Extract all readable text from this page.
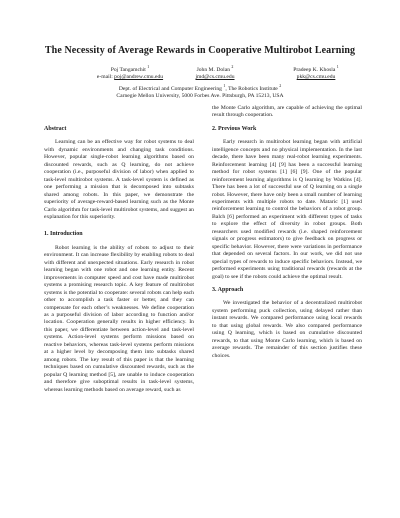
The Necessity of Average Rewards in Cooperative Multirobot Learning
Poj Tangamchit $^1$
e-mail: poj@andrew.cmu.edu
John M. Dolan $^2$
jmd@cs.cmu.edu
Pradeep K. Khosla $^1$
pkk@cs.cmu.edu
Dept. of Electrical and Computer Engineering $^1$, The Robotics Institute $^2$
Carnegie Mellon University, 5000 Forbes Ave. Pittsburgh, PA 15213, USA
Abstract

Learning can be an effective way for robot systems to deal with dynamic environments and changing task conditions. However, popular single-robot learning algorithms based on discounted rewards, such as Q learning, do not achieve cooperation (i.e., purposeful division of labor) when applied to task-level multirobot systems. A task-level system is defined as one performing a mission that is decomposed into subtasks shared among robots. In this paper, we demonstrate the superiority of average-reward-based learning such as the Monte Carlo algorithm for task-level multirobot systems, and suggest an explanation for this superiority.

1. Introduction

Robot learning is the ability of robots to adjust to their environment. It can increase flexibility by enabling robots to deal with different and unexpected situations. Early research in robot learning began with one robot and one learning entity. Recent improvements in computer speed and cost have made multirobot systems a promising research topic. A key feature of multirobot systems is the potential to cooperate: several robots can help each other to accomplish a task faster or better, and they can compensate for each other’s weaknesses. We define cooperation as a purposeful division of labor according to function and/or location. Cooperation generally results in higher efficiency. In this paper, we differentiate between action-level and task-level systems. Action-level systems perform missions based on reactive behaviors, whereas task-level systems perform missions at a higher level by decomposing them into subtasks shared among robots. The key result of this paper is that the learning techniques based on cumulative discounted rewards, such as the popular Q learning method [5], are unable to induce cooperation and therefore give suboptimal results in task-level systems, whereas learning methods based on average reward, such as

the Monte Carlo algorithm, are capable of achieving the optimal result through cooperation.

2. Previous Work

Early research in multirobot learning began with artificial intelligence concepts and no physical implementation. In the last decade, there have been many real-robot learning experiments. Reinforcement learning [4] [9] has been a successful learning method for robot systems [1] [6] [9]. One of the popular reinforcement learning algorithms is Q learning by Watkins [4]. There has been a lot of successful use of Q learning on a single robot. However, there have only been a small number of learning experiments with multiple robots to date. Mataric [1] used reinforcement learning to control the behaviors of a robot group. Balch [6] performed an experiment with different types of tasks to explore the effect of diversity in robot groups. Both researchers used modified rewards (i.e. shaped reinforcement signals or progress estimators) to give feedback on progress or specific behavior. However, there were variations in performance that depended on several factors. In our work, we did not use special types of rewards to induce specific behaviors. Instead, we performed experiments using traditional rewards (rewards at the goal) to see if the robots could achieve the optimal result.

3. Approach

We investigated the behavior of a decentralized multirobot system performing puck collection, using delayed rather than instant rewards. We compared performance using local rewards to that using global rewards. We also compared performance using Q learning, which is based on cumulative discounted rewards, to that using Monte Carlo learning, which is based on average rewards. The remainder of this section justifies these choices.
